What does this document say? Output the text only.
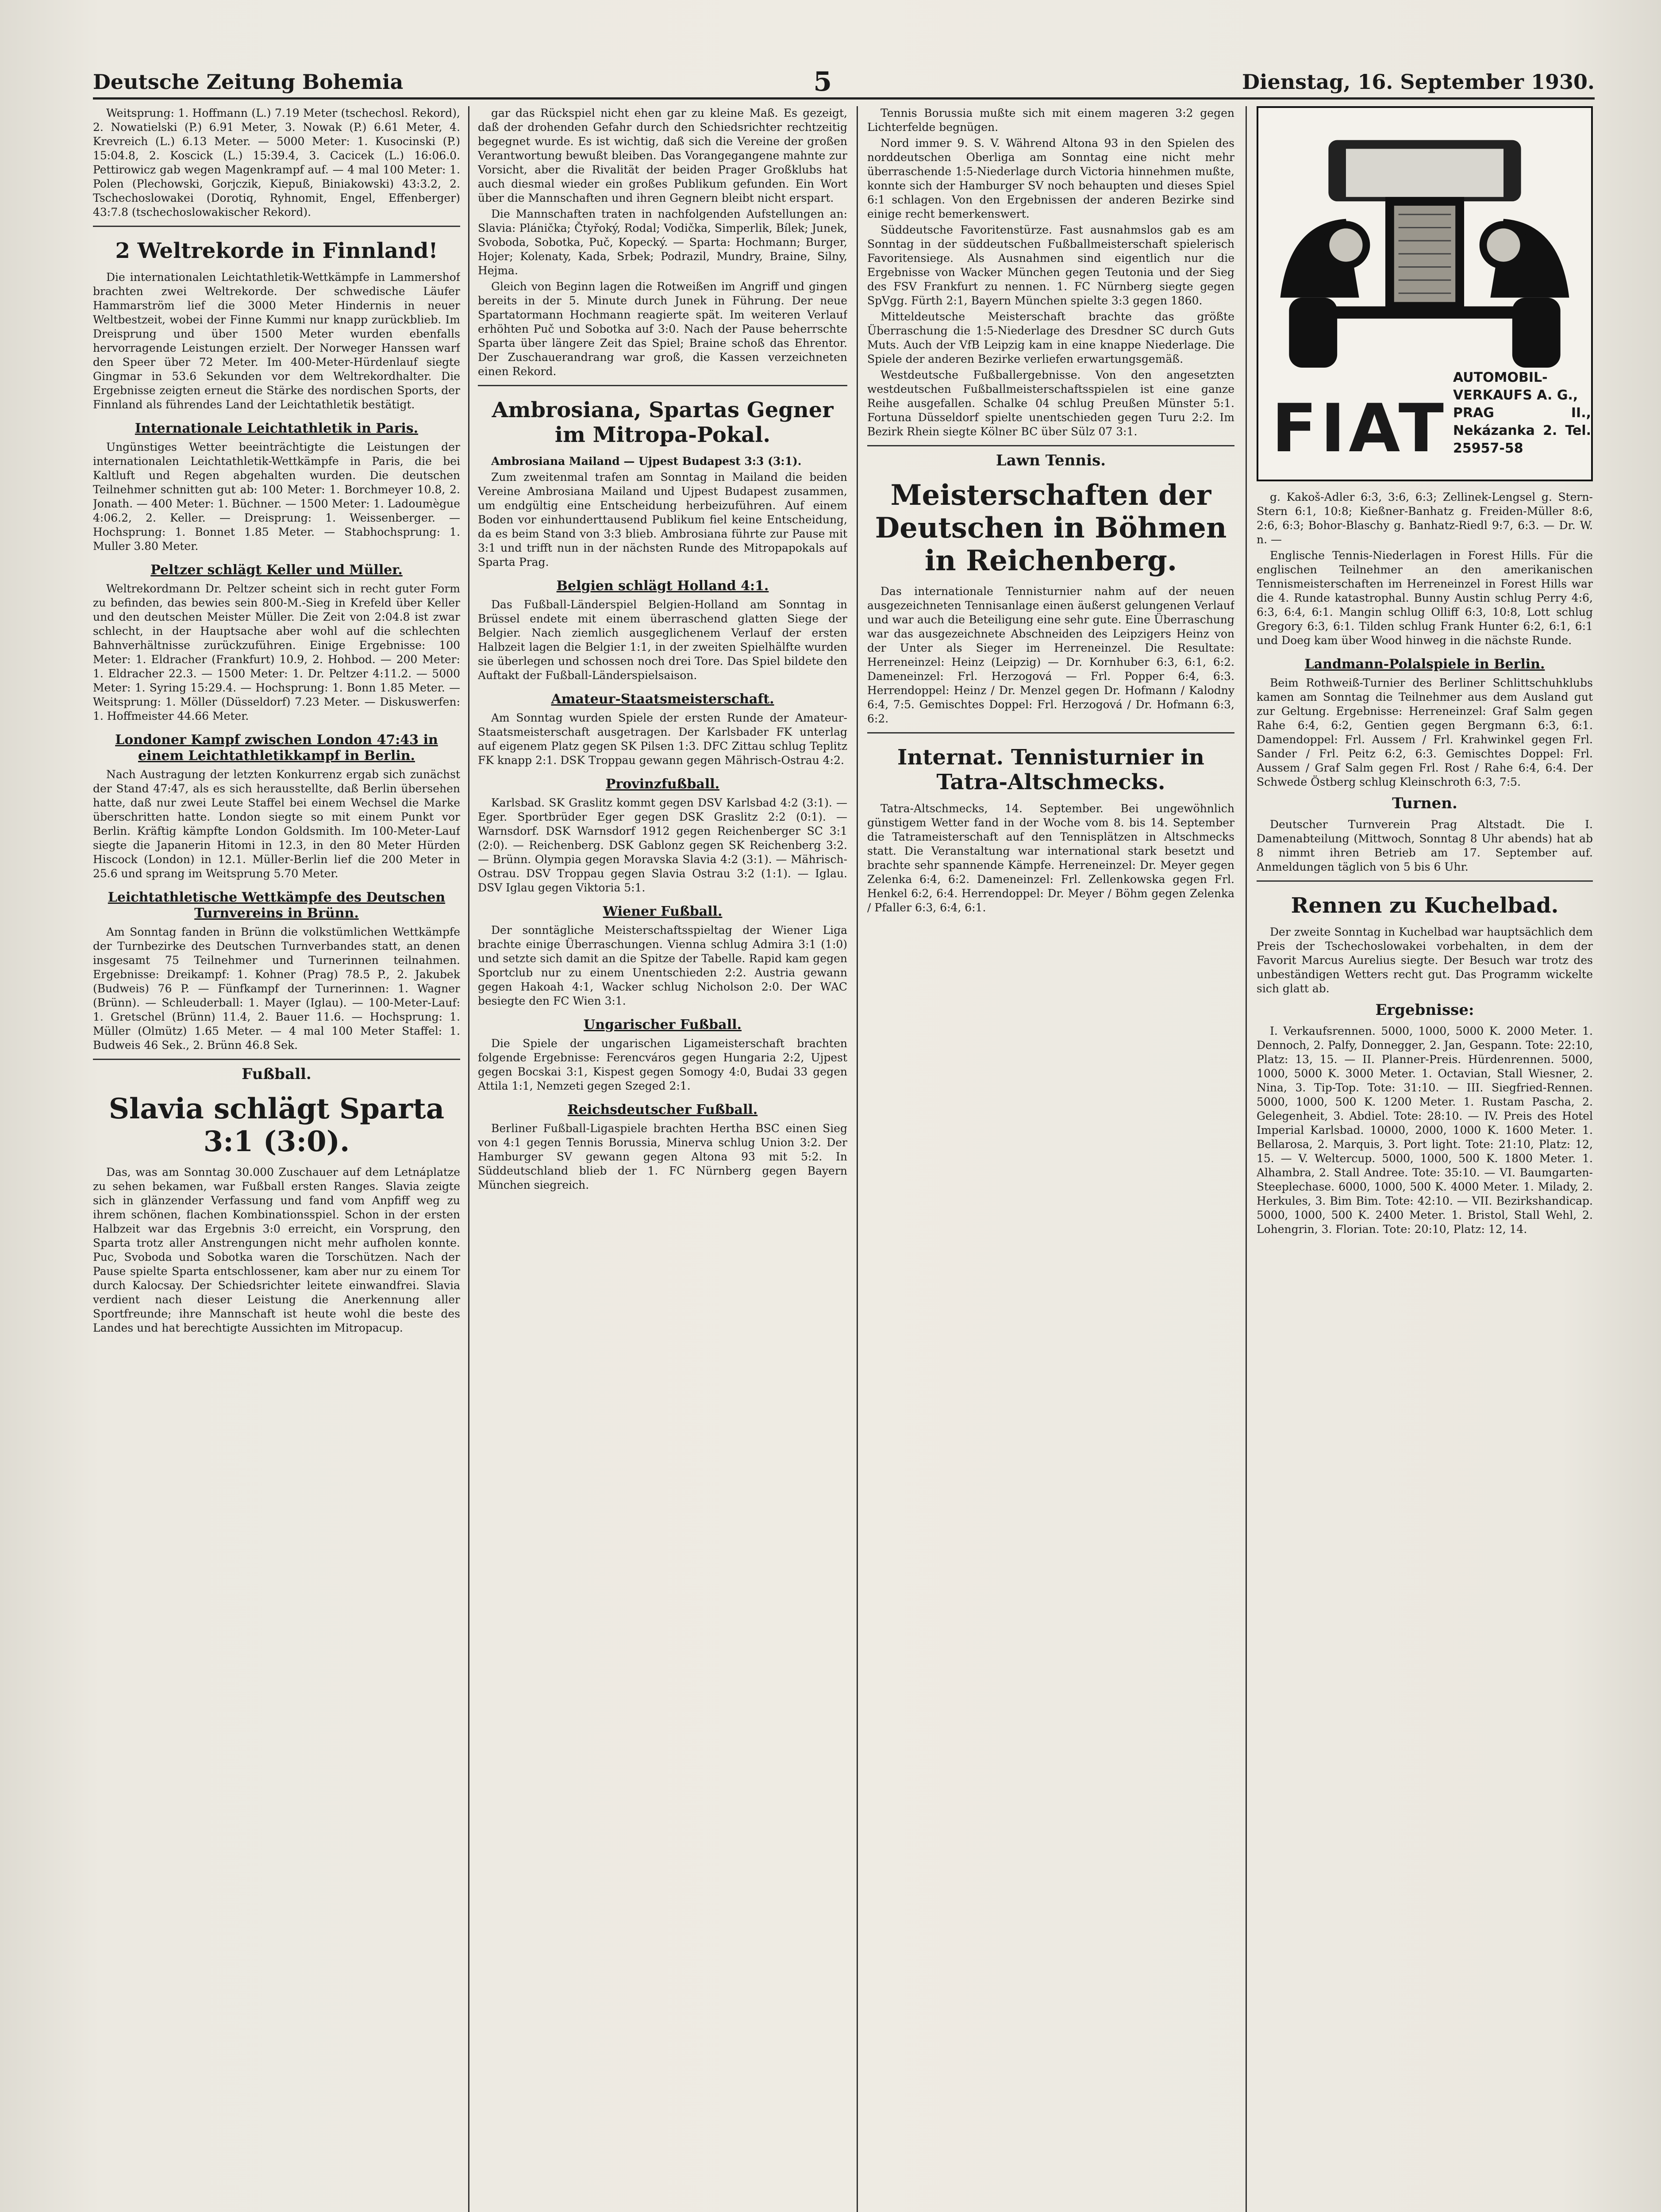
Deutsche Zeitung Bohemia	5	Dienstag, 16. September 1930.

Weitsprung: 1. Hoffmann (L.) 7.19 Meter (tschechosl. Rekord), 2. Nowatielski (P.) 6.91 Meter, 3. Nowak (P.) 6.61 Meter, 4. Krevreich (L.) 6.13 Meter. — 5000 Meter: 1. Kusocinski (P.) 15:04.8, 2. Koscick (L.) 15:39.4, 3. Cacicek (L.) 16:06.0. Pettirowicz gab wegen Magenkrampf auf. — 4 mal 100 Meter: 1. Polen (Plechowski, Gorjczik, Kiepuß, Biniakowski) 43:3.2, 2. Tschechoslowakei (Dorotiq, Ryhnomit, Engel, Effenberger) 43:7.8 (tschechoslowakischer Rekord).

2 Weltrekorde in Finnland!

Die internationalen Leichtathletik-Wettkämpfe in Lammershof brachten zwei Weltrekorde. Der schwedische Läufer Hammarström lief die 3000 Meter Hindernis in neuer Weltbestzeit, wobei der Finne Kummi nur knapp zurückblieb. Im Dreisprung und über 1500 Meter wurden ebenfalls hervorragende Leistungen erzielt. Der Norweger Hanssen warf den Speer über 72 Meter. Im 400-Meter-Hürdenlauf siegte Gingmar in 53.6 Sekunden vor dem Weltrekordhalter. Die Ergebnisse zeigten erneut die Stärke des nordischen Sports, der Finnland als führendes Land der Leichtathletik bestätigt.

Internationale Leichtathletik in Paris.

Ungünstiges Wetter beeinträchtigte die Leistungen der internationalen Leichtathletik-Wettkämpfe in Paris, die bei Kaltluft und Regen abgehalten wurden. Die deutschen Teilnehmer schnitten gut ab: 100 Meter: 1. Borchmeyer 10.8, 2. Jonath. — 400 Meter: 1. Büchner. — 1500 Meter: 1. Ladoumègue 4:06.2, 2. Keller. — Dreisprung: 1. Weissenberger. — Hochsprung: 1. Bonnet 1.85 Meter. — Stabhochsprung: 1. Muller 3.80 Meter.

Peltzer schlägt Keller und Müller.

Weltrekordmann Dr. Peltzer scheint sich in recht guter Form zu befinden, das bewies sein 800-M.-Sieg in Krefeld über Keller und den deutschen Meister Müller. Die Zeit von 2:04.8 ist zwar schlecht, in der Hauptsache aber wohl auf die schlechten Bahnverhältnisse zurückzuführen. Einige Ergebnisse: 100 Meter: 1. Eldracher (Frankfurt) 10.9, 2. Hohbod. — 200 Meter: 1. Eldracher 22.3. — 1500 Meter: 1. Dr. Peltzer 4:11.2. — 5000 Meter: 1. Syring 15:29.4. — Hochsprung: 1. Bonn 1.85 Meter. — Weitsprung: 1. Möller (Düsseldorf) 7.23 Meter. — Diskuswerfen: 1. Hoffmeister 44.66 Meter.

Londoner Kampf zwischen London 47:43 in einem Leichtathletikkampf in Berlin.

Nach Austragung der letzten Konkurrenz ergab sich zunächst der Stand 47:47, als es sich herausstellte, daß Berlin übersehen hatte, daß nur zwei Leute Staffel bei einem Wechsel die Marke überschritten hatte. London siegte so mit einem Punkt vor Berlin. Kräftig kämpfte London Goldsmith. Im 100-Meter-Lauf siegte die Japanerin Hitomi in 12.3, in den 80 Meter Hürden Hiscock (London) in 12.1. Müller-Berlin lief die 200 Meter in 25.6 und sprang im Weitsprung 5.70 Meter.

Leichtathletische Wettkämpfe des Deutschen Turnvereins in Brünn.

Am Sonntag fanden in Brünn die volkstümlichen Wettkämpfe der Turnbezirke des Deutschen Turnverbandes statt, an denen insgesamt 75 Teilnehmer und Turnerinnen teilnahmen. Ergebnisse: Dreikampf: 1. Kohner (Prag) 78.5 P., 2. Jakubek (Budweis) 76 P. — Fünfkampf der Turnerinnen: 1. Wagner (Brünn). — Schleuderball: 1. Mayer (Iglau). — 100-Meter-Lauf: 1. Gretschel (Brünn) 11.4, 2. Bauer 11.6. — Hochsprung: 1. Müller (Olmütz) 1.65 Meter. — 4 mal 100 Meter Staffel: 1. Budweis 46 Sek., 2. Brünn 46.8 Sek.

Fußball.
Slavia schlägt Sparta 3:1 (3:0).

Das, was am Sonntag 30.000 Zuschauer auf dem Letnáplatze zu sehen bekamen, war Fußball ersten Ranges. Slavia zeigte sich in glänzender Verfassung und fand vom Anpfiff weg zu ihrem schönen, flachen Kombinationsspiel. Schon in der ersten Halbzeit war das Ergebnis 3:0 erreicht, ein Vorsprung, den Sparta trotz aller Anstrengungen nicht mehr aufholen konnte. Puc, Svoboda und Sobotka waren die Torschützen. Nach der Pause spielte Sparta entschlossener, kam aber nur zu einem Tor durch Kalocsay. Der Schiedsrichter leitete einwandfrei. Slavia verdient nach dieser Leistung die Anerkennung aller Sportfreunde; ihre Mannschaft ist heute wohl die beste des Landes und hat berechtigte Aussichten im Mitropacup.

gar das Rückspiel nicht ehen gar zu kleine Maß. Es gezeigt, daß der drohenden Gefahr durch den Schiedsrichter rechtzeitig begegnet wurde. Es ist wichtig, daß sich die Vereine der großen Verantwortung bewußt bleiben. Das Vorangegangene mahnte zur Vorsicht, aber die Rivalität der beiden Prager Großklubs hat auch diesmal wieder ein großes Publikum gefunden. Ein Wort über die Mannschaften und ihren Gegnern bleibt nicht erspart.

Die Mannschaften traten in nachfolgenden Aufstellungen an: Slavia: Plánička; Čtyřoký, Rodal; Vodička, Simperlik, Bílek; Junek, Svoboda, Sobotka, Puč, Kopecký. — Sparta: Hochmann; Burger, Hojer; Kolenaty, Kada, Srbek; Podrazil, Mundry, Braine, Silny, Hejma.

Gleich von Beginn lagen die Rotweißen im Angriff und gingen bereits in der 5. Minute durch Junek in Führung. Der neue Spartatormann Hochmann reagierte spät. Im weiteren Verlauf erhöhten Puč und Sobotka auf 3:0. Nach der Pause beherrschte Sparta über längere Zeit das Spiel; Braine schoß das Ehrentor. Der Zuschauerandrang war groß, die Kassen verzeichneten einen Rekord.

Ambrosiana, Spartas Gegner im Mitropa-Pokal.

Ambrosiana Mailand — Ujpest Budapest 3:3 (3:1).

Zum zweitenmal trafen am Sonntag in Mailand die beiden Vereine Ambrosiana Mailand und Ujpest Budapest zusammen, um endgültig eine Entscheidung herbeizuführen. Auf einem Boden vor einhunderttausend Publikum fiel keine Entscheidung, da es beim Stand von 3:3 blieb. Ambrosiana führte zur Pause mit 3:1 und trifft nun in der nächsten Runde des Mitropapokals auf Sparta Prag.

Belgien schlägt Holland 4:1.

Das Fußball-Länderspiel Belgien-Holland am Sonntag in Brüssel endete mit einem überraschend glatten Siege der Belgier. Nach ziemlich ausgeglichenem Verlauf der ersten Halbzeit lagen die Belgier 1:1, in der zweiten Spielhälfte wurden sie überlegen und schossen noch drei Tore. Das Spiel bildete den Auftakt der Fußball-Länderspielsaison.

Amateur-Staatsmeisterschaft.

Am Sonntag wurden Spiele der ersten Runde der Amateur-Staatsmeisterschaft ausgetragen. Der Karlsbader FK unterlag auf eigenem Platz gegen SK Pilsen 1:3. DFC Zittau schlug Teplitz FK knapp 2:1. DSK Troppau gewann gegen Mährisch-Ostrau 4:2.

Provinzfußball.

Karlsbad. SK Graslitz kommt gegen DSV Karlsbad 4:2 (3:1). — Eger. Sportbrüder Eger gegen DSK Graslitz 2:2 (0:1). — Warnsdorf. DSK Warnsdorf 1912 gegen Reichenberger SC 3:1 (2:0). — Reichenberg. DSK Gablonz gegen SK Reichenberg 3:2. — Brünn. Olympia gegen Moravska Slavia 4:2 (3:1). — Mährisch-Ostrau. DSV Troppau gegen Slavia Ostrau 3:2 (1:1). — Iglau. DSV Iglau gegen Viktoria 5:1.

Wiener Fußball.

Der sonntägliche Meisterschaftsspieltag der Wiener Liga brachte einige Überraschungen. Vienna schlug Admira 3:1 (1:0) und setzte sich damit an die Spitze der Tabelle. Rapid kam gegen Sportclub nur zu einem Unentschieden 2:2. Austria gewann gegen Hakoah 4:1, Wacker schlug Nicholson 2:0. Der WAC besiegte den FC Wien 3:1.

Ungarischer Fußball.

Die Spiele der ungarischen Ligameisterschaft brachten folgende Ergebnisse: Ferencváros gegen Hungaria 2:2, Ujpest gegen Bocskai 3:1, Kispest gegen Somogy 4:0, Budai 33 gegen Attila 1:1, Nemzeti gegen Szeged 2:1.

Reichsdeutscher Fußball.

Berliner Fußball-Ligaspiele brachten Hertha BSC einen Sieg von 4:1 gegen Tennis Borussia, Minerva schlug Union 3:2. Der Hamburger SV gewann gegen Altona 93 mit 5:2. In Süddeutschland blieb der 1. FC Nürnberg gegen Bayern München siegreich.

Tennis Borussia mußte sich mit einem mageren 3:2 gegen Lichterfelde begnügen.

Nord immer 9. S. V. Während Altona 93 in den Spielen des norddeutschen Oberliga am Sonntag eine nicht mehr überraschende 1:5-Niederlage durch Victoria hinnehmen mußte, konnte sich der Hamburger SV noch behaupten und dieses Spiel 6:1 schlagen. Von den Ergebnissen der anderen Bezirke sind einige recht bemerkenswert.

Süddeutsche Favoritenstürze. Fast ausnahmslos gab es am Sonntag in der süddeutschen Fußballmeisterschaft spielerisch Favoritensiege. Als Ausnahmen sind eigentlich nur die Ergebnisse von Wacker München gegen Teutonia und der Sieg des FSV Frankfurt zu nennen. 1. FC Nürnberg siegte gegen SpVgg. Fürth 2:1, Bayern München spielte 3:3 gegen 1860.

Mitteldeutsche Meisterschaft brachte das größte Überraschung die 1:5-Niederlage des Dresdner SC durch Guts Muts. Auch der VfB Leipzig kam in eine knappe Niederlage. Die Spiele der anderen Bezirke verliefen erwartungsgemäß.

Westdeutsche Fußballergebnisse. Von den angesetzten westdeutschen Fußballmeisterschaftsspielen ist eine ganze Reihe ausgefallen. Schalke 04 schlug Preußen Münster 5:1. Fortuna Düsseldorf spielte unentschieden gegen Turu 2:2. Im Bezirk Rhein siegte Kölner BC über Sülz 07 3:1.

Lawn Tennis.
Meisterschaften der Deutschen in Böhmen in Reichenberg.

Das internationale Tennisturnier nahm auf der neuen ausgezeichneten Tennisanlage einen äußerst gelungenen Verlauf und war auch die Beteiligung eine sehr gute. Eine Überraschung war das ausgezeichnete Abschneiden des Leipzigers Heinz von der Unter als Sieger im Herreneinzel. Die Resultate: Herreneinzel: Heinz (Leipzig) — Dr. Kornhuber 6:3, 6:1, 6:2. Dameneinzel: Frl. Herzogová — Frl. Popper 6:4, 6:3. Herrendoppel: Heinz / Dr. Menzel gegen Dr. Hofmann / Kalodny 6:4, 7:5. Gemischtes Doppel: Frl. Herzogová / Dr. Hofmann 6:3, 6:2.

Internat. Tennisturnier in Tatra-Altschmecks.

Tatra-Altschmecks, 14. September. Bei ungewöhnlich günstigem Wetter fand in der Woche vom 8. bis 14. September die Tatrameisterschaft auf den Tennisplätzen in Altschmecks statt. Die Veranstaltung war international stark besetzt und brachte sehr spannende Kämpfe. Herreneinzel: Dr. Meyer gegen Zelenka 6:4, 6:2. Dameneinzel: Frl. Zellenkowska gegen Frl. Henkel 6:2, 6:4. Herrendoppel: Dr. Meyer / Böhm gegen Zelenka / Pfaller 6:3, 6:4, 6:1.

FIAT
AUTOMOBIL-VERKAUFS A. G.,
PRAG II., Nekázanka 2. Tel. 25957-58

g. Kakoš-Adler 6:3, 3:6, 6:3; Zellinek-Lengsel g. Stern-Stern 6:1, 10:8; Kießner-Banhatz g. Freiden-Müller 8:6, 2:6, 6:3; Bohor-Blaschy g. Banhatz-Riedl 9:7, 6:3. — Dr. W. n. —

Englische Tennis-Niederlagen in Forest Hills. Für die englischen Teilnehmer an den amerikanischen Tennismeisterschaften im Herreneinzel in Forest Hills war die 4. Runde katastrophal. Bunny Austin schlug Perry 4:6, 6:3, 6:4, 6:1. Mangin schlug Olliff 6:3, 10:8, Lott schlug Gregory 6:3, 6:1. Tilden schlug Frank Hunter 6:2, 6:1, 6:1 und Doeg kam über Wood hinweg in die nächste Runde.

Landmann-Polalspiele in Berlin.

Beim Rothweiß-Turnier des Berliner Schlittschuhklubs kamen am Sonntag die Teilnehmer aus dem Ausland gut zur Geltung. Ergebnisse: Herreneinzel: Graf Salm gegen Rahe 6:4, 6:2, Gentien gegen Bergmann 6:3, 6:1. Damendoppel: Frl. Aussem / Frl. Krahwinkel gegen Frl. Sander / Frl. Peitz 6:2, 6:3. Gemischtes Doppel: Frl. Aussem / Graf Salm gegen Frl. Rost / Rahe 6:4, 6:4. Der Schwede Östberg schlug Kleinschroth 6:3, 7:5.

Turnen.

Deutscher Turnverein Prag Altstadt. Die I. Damenabteilung (Mittwoch, Sonntag 8 Uhr abends) hat ab 8 nimmt ihren Betrieb am 17. September auf. Anmeldungen täglich von 5 bis 6 Uhr.

Rennen zu Kuchelbad.

Der zweite Sonntag in Kuchelbad war hauptsächlich dem Preis der Tschechoslowakei vorbehalten, in dem der Favorit Marcus Aurelius siegte. Der Besuch war trotz des unbeständigen Wetters recht gut. Das Programm wickelte sich glatt ab.

Ergebnisse:

I. Verkaufsrennen. 5000, 1000, 5000 K. 2000 Meter. 1. Dennoch, 2. Palfy, Donnegger, 2. Jan, Gespann. Tote: 22:10, Platz: 13, 15. — II. Planner-Preis. Hürdenrennen. 5000, 1000, 5000 K. 3000 Meter. 1. Octavian, Stall Wiesner, 2. Nina, 3. Tip-Top. Tote: 31:10. — III. Siegfried-Rennen. 5000, 1000, 500 K. 1200 Meter. 1. Rustam Pascha, 2. Gelegenheit, 3. Abdiel. Tote: 28:10. — IV. Preis des Hotel Imperial Karlsbad. 10000, 2000, 1000 K. 1600 Meter. 1. Bellarosa, 2. Marquis, 3. Port light. Tote: 21:10, Platz: 12, 15. — V. Weltercup. 5000, 1000, 500 K. 1800 Meter. 1. Alhambra, 2. Stall Andree. Tote: 35:10. — VI. Baumgarten-Steeplechase. 6000, 1000, 500 K. 4000 Meter. 1. Milady, 2. Herkules, 3. Bim Bim. Tote: 42:10. — VII. Bezirkshandicap. 5000, 1000, 500 K. 2400 Meter. 1. Bristol, Stall Wehl, 2. Lohengrin, 3. Florian. Tote: 20:10, Platz: 12, 14.
